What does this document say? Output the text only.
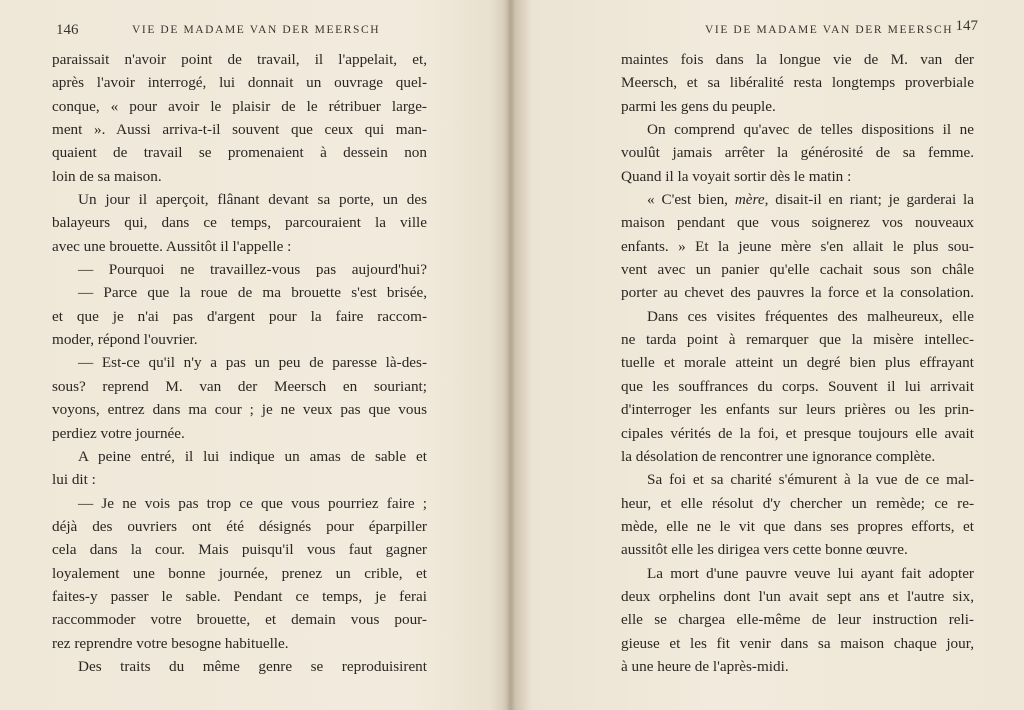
146	VIE DE MADAME VAN DER MEERSCH
paraissait n'avoir point de travail, il l'appelait, et,
après l'avoir interrogé, lui donnait un ouvrage quel-
conque, « pour avoir le plaisir de le rétribuer large-
ment ». Aussi arriva-t-il souvent que ceux qui man-
quaient de travail se promenaient à dessein non
loin de sa maison.
Un jour il aperçoit, flânant devant sa porte, un des
balayeurs qui, dans ce temps, parcouraient la ville
avec une brouette. Aussitôt il l'appelle :
— Pourquoi ne travaillez-vous pas aujourd'hui?
— Parce que la roue de ma brouette s'est brisée,
et que je n'ai pas d'argent pour la faire raccom-
moder, répond l'ouvrier.
— Est-ce qu'il n'y a pas un peu de paresse là-des-
sous? reprend M. van der Meersch en souriant;
voyons, entrez dans ma cour ; je ne veux pas que vous
perdiez votre journée.
A peine entré, il lui indique un amas de sable et
lui dit :
— Je ne vois pas trop ce que vous pourriez faire ;
déjà des ouvriers ont été désignés pour éparpiller
cela dans la cour. Mais puisqu'il vous faut gagner
loyalement une bonne journée, prenez un crible, et
faites-y passer le sable. Pendant ce temps, je ferai
raccommoder votre brouette, et demain vous pour-
rez reprendre votre besogne habituelle.
Des traits du même genre se reproduisirent
VIE DE MADAME VAN DER MEERSCH 147
maintes fois dans la longue vie de M. van der
Meersch, et sa libéralité resta longtemps proverbiale
parmi les gens du peuple.
On comprend qu'avec de telles dispositions il ne
voulût jamais arrêter la générosité de sa femme.
Quand il la voyait sortir dès le matin :
« C'est bien, mère, disait-il en riant; je garderai la
maison pendant que vous soignerez vos nouveaux
enfants. » Et la jeune mère s'en allait le plus sou-
vent avec un panier qu'elle cachait sous son châle
porter au chevet des pauvres la force et la consolation.
Dans ces visites fréquentes des malheureux, elle
ne tarda point à remarquer que la misère intellec-
tuelle et morale atteint un degré bien plus effrayant
que les souffrances du corps. Souvent il lui arrivait
d'interroger les enfants sur leurs prières ou les prin-
cipales vérités de la foi, et presque toujours elle avait
la désolation de rencontrer une ignorance complète.
Sa foi et sa charité s'émurent à la vue de ce mal-
heur, et elle résolut d'y chercher un remède; ce re-
mède, elle ne le vit que dans ses propres efforts, et
aussitôt elle les dirigea vers cette bonne œuvre.
La mort d'une pauvre veuve lui ayant fait adopter
deux orphelins dont l'un avait sept ans et l'autre six,
elle se chargea elle-même de leur instruction reli-
gieuse et les fit venir dans sa maison chaque jour,
à une heure de l'après-midi.
